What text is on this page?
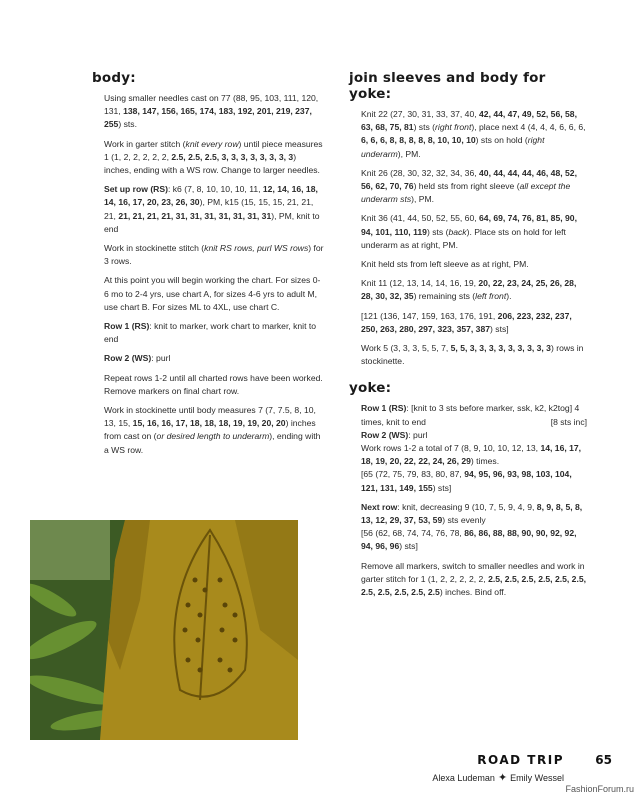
body:

Using smaller needles cast on 77 (88, 95, 103, 111, 120, 131, 138, 147, 156, 165, 174, 183, 192, 201, 219, 237, 255) sts.

Work in garter stitch (knit every row) until piece measures 1 (1, 2, 2, 2, 2, 2, 2.5, 2.5, 2.5, 3, 3, 3, 3, 3, 3, 3, 3) inches, ending with a WS row. Change to larger needles.

Set up row (RS): k6 (7, 8, 10, 10, 10, 11, 12, 14, 16, 18, 14, 16, 17, 20, 23, 26, 30), PM, k15 (15, 15, 15, 21, 21, 21, 21, 21, 21, 21, 31, 31, 31, 31, 31, 31, 31), PM, knit to end

Work in stockinette stitch (knit RS rows, purl WS rows) for 3 rows.

At this point you will begin working the chart. For sizes 0-6 mo to 2-4 yrs, use chart A, for sizes 4-6 yrs to adult M, use chart B. For sizes ML to 4XL, use chart C.

Row 1 (RS): knit to marker, work chart to marker, knit to end

Row 2 (WS): purl

Repeat rows 1-2 until all charted rows have been worked. Remove markers on final chart row.

Work in stockinette until body measures 7 (7, 7.5, 8, 10, 13, 15, 15, 16, 16, 17, 18, 18, 18, 19, 19, 20, 20) inches from cast on (or desired length to underarm), ending with a WS row.

join sleeves and body for yoke:

Knit 22 (27, 30, 31, 33, 37, 40, 42, 44, 47, 49, 52, 56, 58, 63, 68, 75, 81) sts (right front), place next 4 (4, 4, 4, 6, 6, 6, 6, 6, 6, 8, 8, 8, 8, 8, 10, 10, 10) sts on hold (right underarm), PM.

Knit 26 (28, 30, 32, 32, 34, 36, 40, 44, 44, 44, 46, 48, 52, 56, 62, 70, 76) held sts from right sleeve (all except the underarm sts), PM.

Knit 36 (41, 44, 50, 52, 55, 60, 64, 69, 74, 76, 81, 85, 90, 94, 101, 110, 119) sts (back). Place sts on hold for left underarm as at right, PM.

Knit held sts from left sleeve as at right, PM.

Knit 11 (12, 13, 14, 14, 16, 19, 20, 22, 23, 24, 25, 26, 28, 28, 30, 32, 35) remaining sts (left front).

[121 (136, 147, 159, 163, 176, 191, 206, 223, 232, 237, 250, 263, 280, 297, 323, 357, 387) sts]

Work 5 (3, 3, 3, 5, 5, 7, 5, 5, 3, 3, 3, 3, 3, 3, 3, 3, 3) rows in stockinette.

yoke:

Row 1 (RS): [knit to 3 sts before marker, ssk, k2, k2tog] 4 times, knit to end	[8 sts inc]

Row 2 (WS): purl

Work rows 1-2 a total of 7 (8, 9, 10, 10, 12, 13, 14, 16, 17, 18, 19, 20, 22, 22, 24, 26, 29) times.

[65 (72, 75, 79, 83, 80, 87, 94, 95, 96, 93, 98, 103, 104, 121, 131, 149, 155) sts]

Next row: knit, decreasing 9 (10, 7, 5, 9, 4, 9, 8, 9, 8, 5, 8, 13, 12, 29, 37, 53, 59) sts evenly

[56 (62, 68, 74, 74, 76, 78, 86, 86, 88, 88, 90, 90, 92, 92, 94, 96, 96) sts]

Remove all markers, switch to smaller needles and work in garter stitch for 1 (1, 2, 2, 2, 2, 2, 2.5, 2.5, 2.5, 2.5, 2.5, 2.5, 2.5, 2.5, 2.5, 2.5, 2.5) inches. Bind off.

ROAD TRIP	65
Alexa Ludeman ✦ Emily Wessel
FashionForum.ru
